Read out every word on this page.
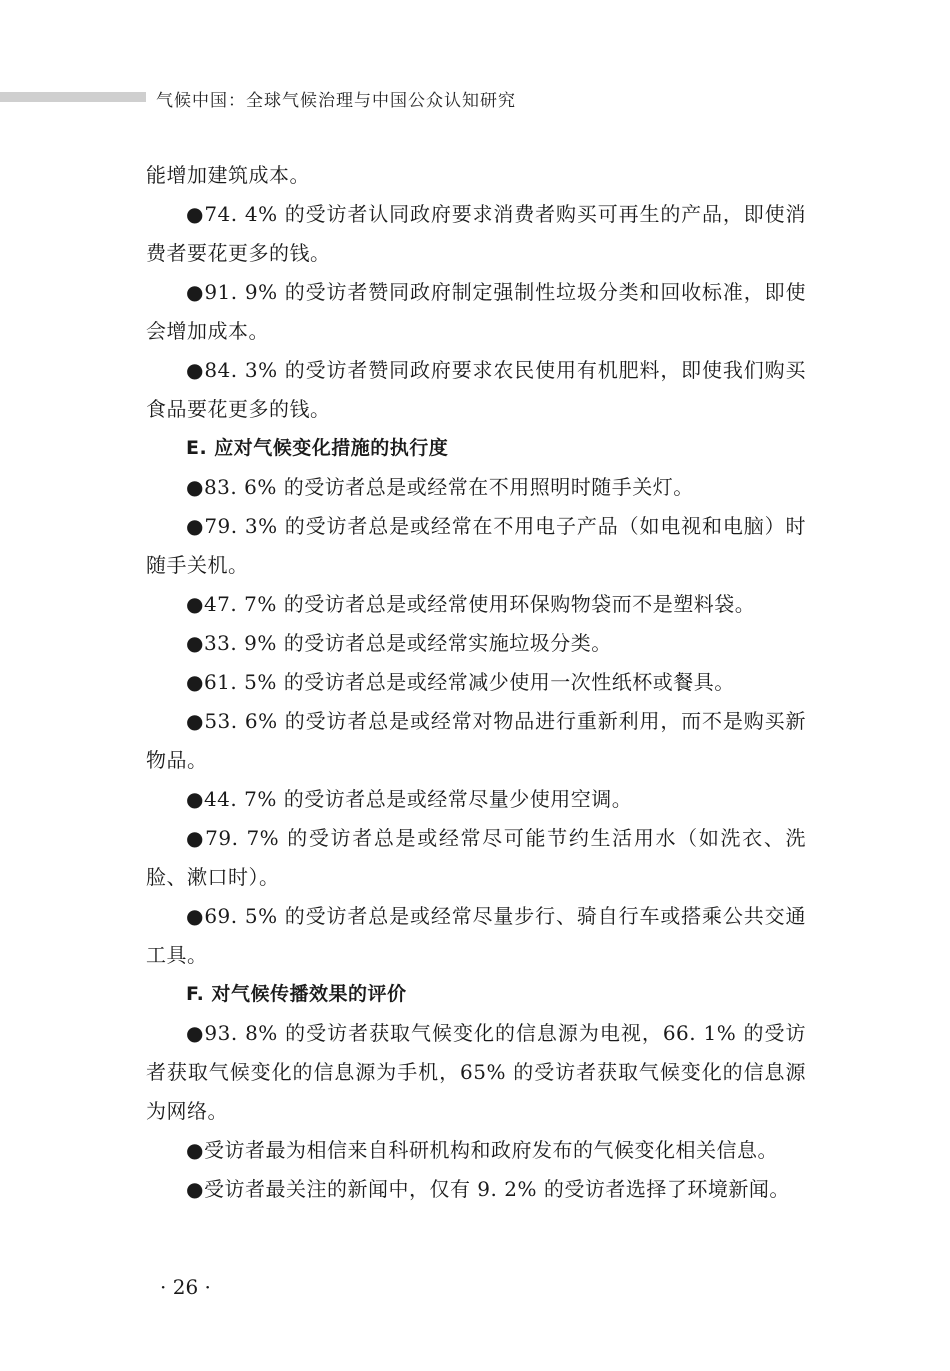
气候中国：全球气候治理与中国公众认知研究

能增加建筑成本。

●74. 4% 的受访者认同政府要求消费者购买可再生的产品，即使消费者要花更多的钱。

●91. 9% 的受访者赞同政府制定强制性垃圾分类和回收标准，即使会增加成本。

●84. 3% 的受访者赞同政府要求农民使用有机肥料，即使我们购买食品要花更多的钱。

E. 应对气候变化措施的执行度

●83. 6% 的受访者总是或经常在不用照明时随手关灯。

●79. 3% 的受访者总是或经常在不用电子产品（如电视和电脑）时随手关机。

●47. 7% 的受访者总是或经常使用环保购物袋而不是塑料袋。

●33. 9% 的受访者总是或经常实施垃圾分类。

●61. 5% 的受访者总是或经常减少使用一次性纸杯或餐具。

●53. 6% 的受访者总是或经常对物品进行重新利用，而不是购买新物品。

●44. 7% 的受访者总是或经常尽量少使用空调。

●79. 7% 的受访者总是或经常尽可能节约生活用水（如洗衣、洗脸、漱口时）。

●69. 5% 的受访者总是或经常尽量步行、骑自行车或搭乘公共交通工具。

F. 对气候传播效果的评价

●93. 8% 的受访者获取气候变化的信息源为电视，66. 1% 的受访者获取气候变化的信息源为手机，65% 的受访者获取气候变化的信息源为网络。

●受访者最为相信来自科研机构和政府发布的气候变化相关信息。

●受访者最关注的新闻中，仅有 9. 2% 的受访者选择了环境新闻。

· 26 ·
